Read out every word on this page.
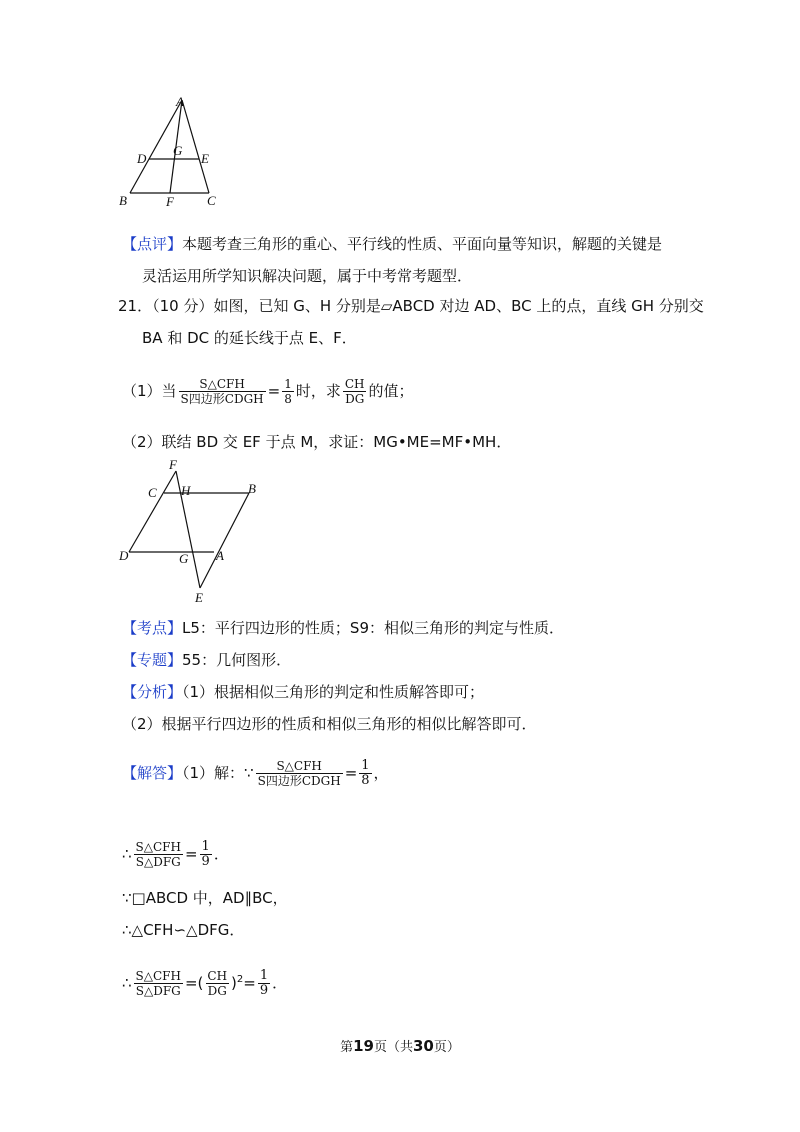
A
G
D	E
B	F	C
【点评】本题考查三角形的重心、平行线的性质、平面向量等知识，解题的关键是
灵活运用所学知识解决问题，属于中考常考题型．
21．（10 分）如图，已知 G、H 分别是▱ABCD 对边 AD、BC 上的点，直线 GH 分别交
BA 和 DC 的延长线于点 E、F．
（1）当 $\frac{\text{S△CFH}}{\text{S四边形CDGH}} = \frac{1}{8}$ 时，求 $\frac{CH}{DG}$ 的值；
（2）联结 BD 交 EF 于点 M，求证：MG•ME=MF•MH．
F
C H	B
D	G A
E
【考点】L5：平行四边形的性质；S9：相似三角形的判定与性质．
【专题】55：几何图形．
【分析】（1）根据相似三角形的判定和性质解答即可；
（2）根据平行四边形的性质和相似三角形的相似比解答即可．
【解答】（1）解：∵ $\frac{\text{S△CFH}}{\text{S四边形CDGH}} = \frac{1}{8}$ ，
∴ $\frac{\text{S△CFH}}{\text{S△DFG}} = \frac{1}{9}$ ．
∵□ABCD 中，AD∥BC，
∴△CFH∽△DFG．
∴ $\frac{\text{S△CFH}}{\text{S△DFG}}$ =( $\frac{CH}{DG} )^2= \frac{1}{9}$ ．
第19页（共30页）
